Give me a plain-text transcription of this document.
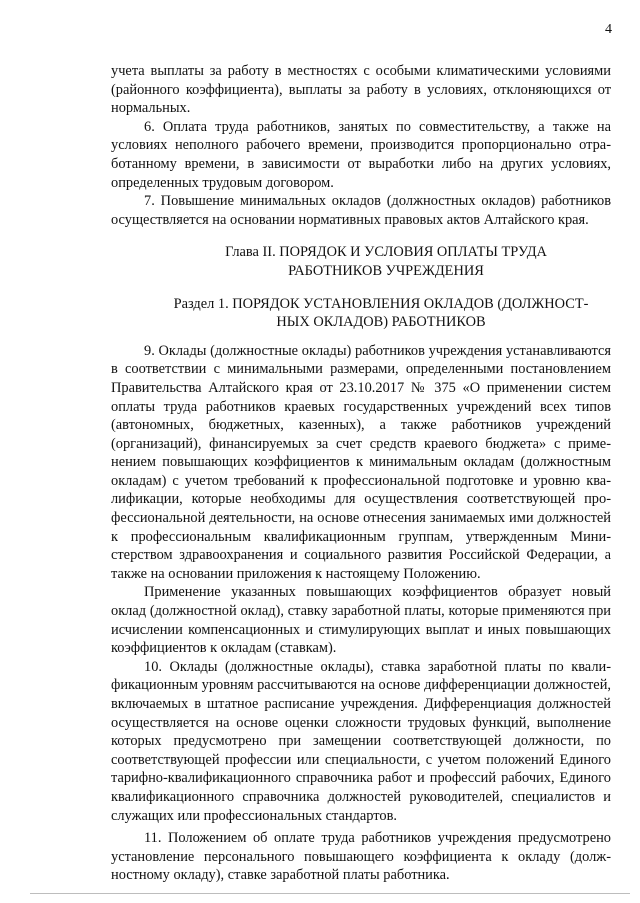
4

учета выплаты за работу в местностях с особыми климатическими условиями (районного коэффициента), выплаты за работу в условиях, отклоняющихся от нормальных.

6. Оплата труда работников, занятых по совместительству, а также на условиях неполного рабочего времени, производится пропорционально отработанному времени, в зависимости от выработки либо на других условиях, определенных трудовым договором.

7. Повышение минимальных окладов (должностных окладов) работников осуществляется на основании нормативных правовых актов Алтайского края.

Глава II. ПОРЯДОК И УСЛОВИЯ ОПЛАТЫ ТРУДА
РАБОТНИКОВ УЧРЕЖДЕНИЯ
Раздел 1. ПОРЯДОК УСТАНОВЛЕНИЯ ОКЛАДОВ (ДОЛЖНОСТ-
НЫХ ОКЛАДОВ) РАБОТНИКОВ

9. Оклады (должностные оклады) работников учреждения устанавливаются в соответствии с минимальными размерами, определенными постановлением Правительства Алтайского края от 23.10.2017 № 375 «О применении систем оплаты труда работников краевых государственных учреждений всех типов (автономных, бюджетных, казенных), а также работников учреждений (организаций), финансируемых за счет средств краевого бюджета» с применением повышающих коэффициентов к минимальным окладам (должностным окладам) с учетом требований к профессиональной подготовке и уровню квалификации, которые необходимы для осуществления соответствующей профессиональной деятельности, на основе отнесения занимаемых ими должностей к профессиональным квалификационным группам, утвержденным Министерством здравоохранения и социального развития Российской Федерации, а также на основании приложения к настоящему Положению.

Применение указанных повышающих коэффициентов образует новый оклад (должностной оклад), ставку заработной платы, которые применяются при исчислении компенсационных и стимулирующих выплат и иных повышающих коэффициентов к окладам (ставкам).

10. Оклады (должностные оклады), ставка заработной платы по квалификационным уровням рассчитываются на основе дифференциации должностей, включаемых в штатное расписание учреждения. Дифференциация должностей осуществляется на основе оценки сложности трудовых функций, выполнение которых предусмотрено при замещении соответствующей должности, по соответствующей профессии или специальности, с учетом положений Единого тарифно-квалификационного справочника работ и профессий рабочих, Единого квалификационного справочника должностей руководителей, специалистов и служащих или профессиональных стандартов.

11. Положением об оплате труда работников учреждения предусмотрено установление персонального повышающего коэффициента к окладу (должностному окладу), ставке заработной платы работника.
